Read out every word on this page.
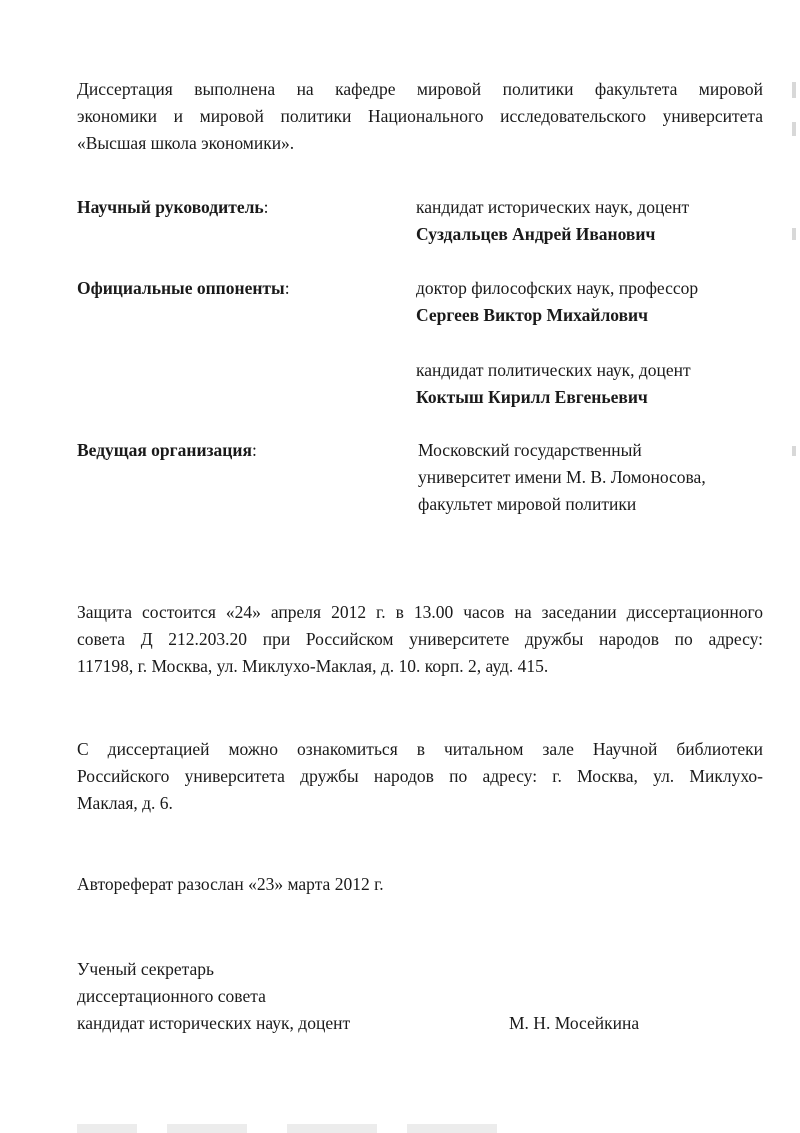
Диссертация выполнена на кафедре мировой политики факультета мировой
экономики и мировой политики Национального исследовательского университета
«Высшая школа экономики».
Научный руководитель:	кандидат исторических наук, доцент
Суздальцев Андрей Иванович
Официальные оппоненты:	доктор философских наук, профессор
Сергеев Виктор Михайлович
кандидат политических наук, доцент
Коктыш Кирилл Евгеньевич
Ведущая организация:	Московский государственный
университет имени М. В. Ломоносова,
факультет мировой политики
Защита состоится «24» апреля 2012 г. в 13.00 часов на заседании диссертационного
совета Д 212.203.20 при Российском университете дружбы народов по адресу:
117198, г. Москва, ул. Миклухо-Маклая, д. 10. корп. 2, ауд. 415.
С диссертацией можно ознакомиться в читальном зале Научной библиотеки
Российского университета дружбы народов по адресу: г. Москва, ул. Миклухо-
Маклая, д. 6.
Автореферат разослан «23» марта 2012 г.
Ученый секретарь
диссертационного совета
кандидат исторических наук, доцент	М. Н. Мосейкина
